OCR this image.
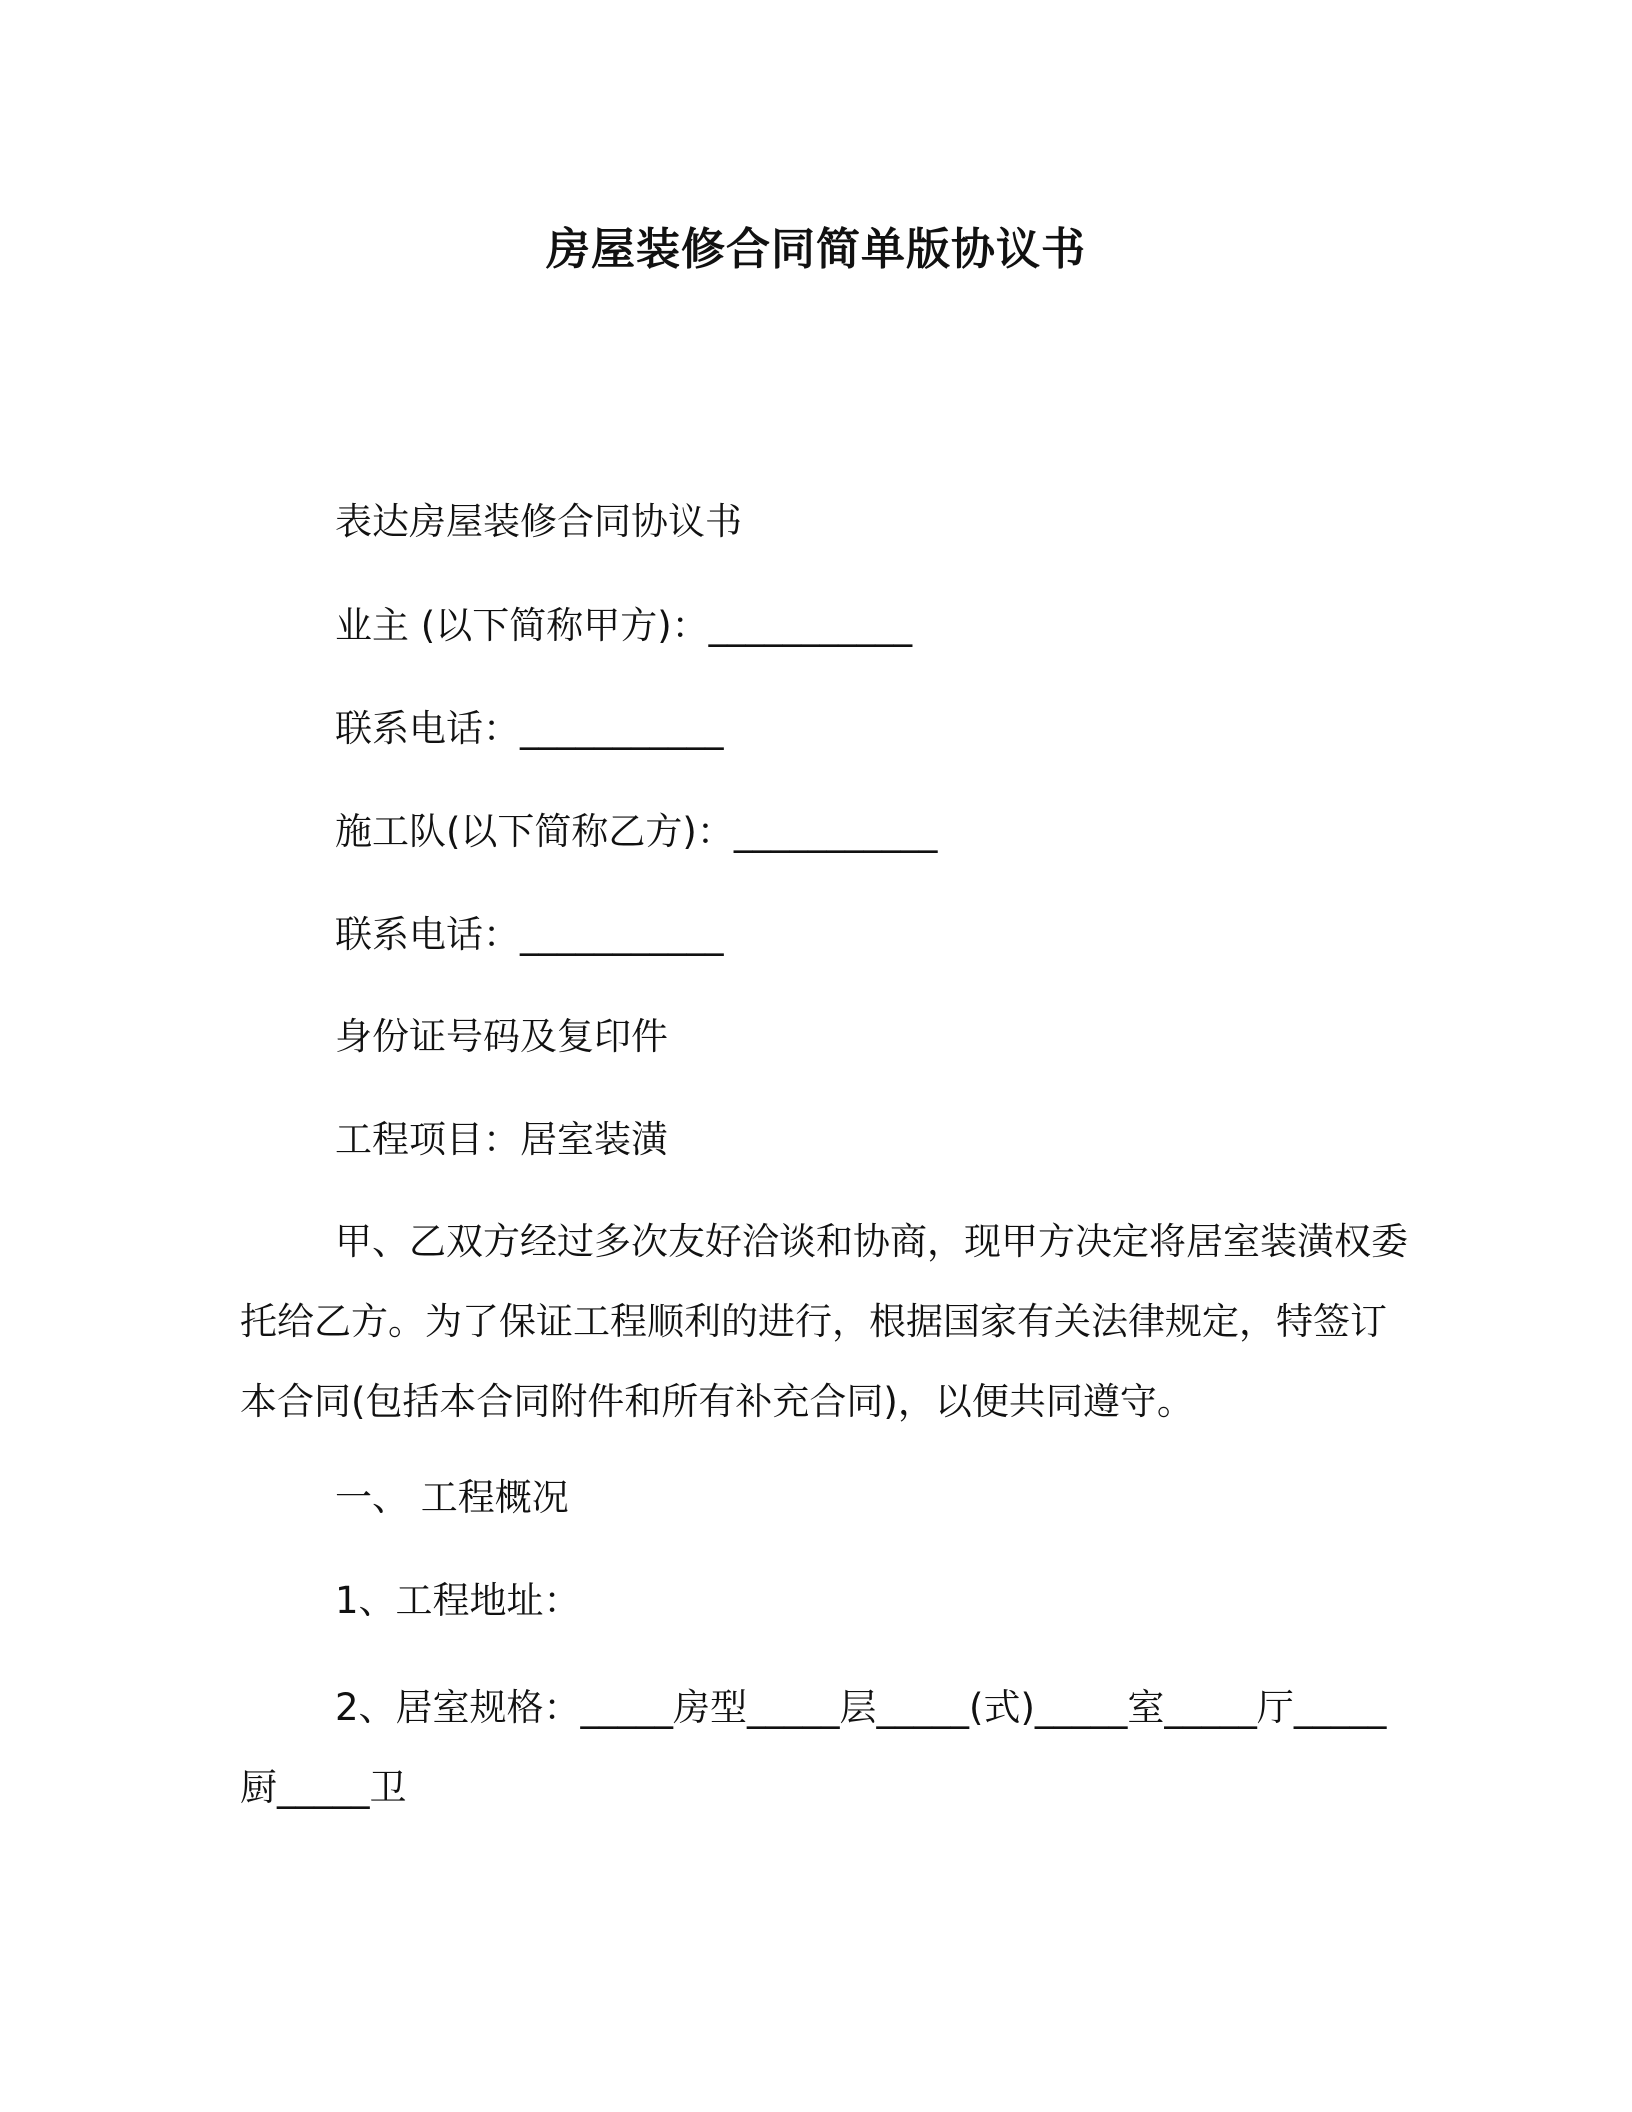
房屋装修合同简单版协议书
表达房屋装修合同协议书
业主 (以下简称甲方)：___________
联系电话：___________
施工队(以下简称乙方)：___________
联系电话：___________
身份证号码及复印件
工程项目：居室装潢

甲、乙双方经过多次友好洽谈和协商，现甲方决定将居室装潢权委托给乙方。为了保证工程顺利的进行，根据国家有关法律规定，特签订本合同(包括本合同附件和所有补充合同)，以便共同遵守。

一、 工程概况
1、工程地址：

2、居室规格：_____房型_____层_____(式)_____室_____厅_____厨_____卫
